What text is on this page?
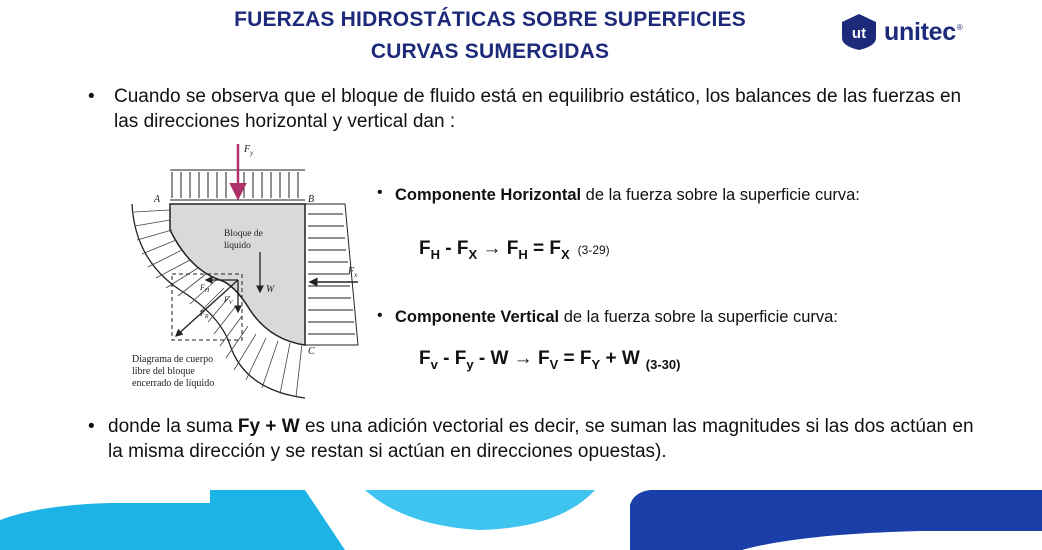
FUERZAS HIDROSTÁTICAS SOBRE SUPERFICIES
CURVAS SUMERGIDAS
ut unitec ®
• Cuando se observa que el bloque de fluido está en equilibrio estático, los balances de las fuerzas en las direcciones horizontal y vertical dan :
$F_y$
A	B
C
Bloque de
líquido
W
$F_x$
$F_H$
$F_V$
$F_R$
Diagrama de cuerpo
libre del bloque
encerrado de líquido
• Componente Horizontal de la fuerza sobre la superficie curva:
$F_H - F_X \to F_H = F_X$ (3-29)
• Componente Vertical de la fuerza sobre la superficie curva:
$F_v - F_y - W \to F_V = F_Y + W$ $_{(3-30)}$
• donde la suma Fy + W es una adición vectorial es decir, se suman las magnitudes si las dos actúan en la misma dirección y se restan si actúan en direcciones opuestas).
